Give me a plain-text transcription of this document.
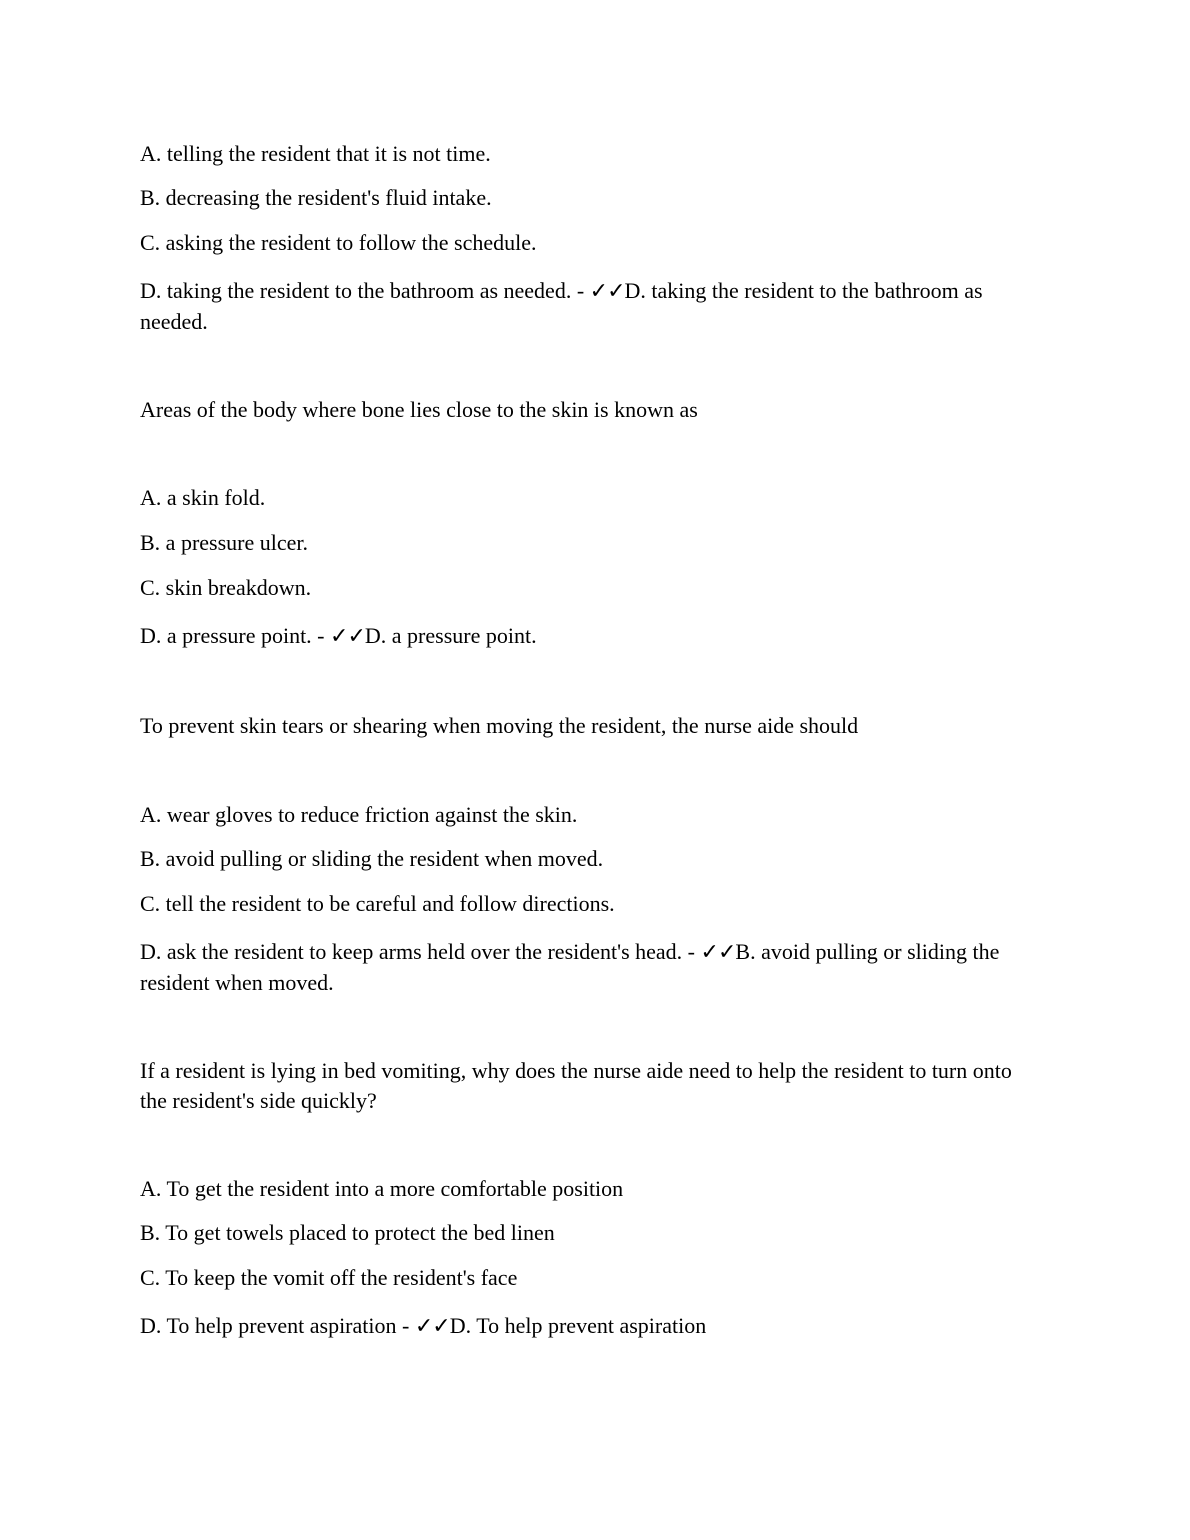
A. telling the resident that it is not time.
B. decreasing the resident's fluid intake.
C. asking the resident to follow the schedule.
D. taking the resident to the bathroom as needed. - ✓✓D. taking the resident to the bathroom as needed.
Areas of the body where bone lies close to the skin is known as
A. a skin fold.
B. a pressure ulcer.
C. skin breakdown.
D. a pressure point. - ✓✓D. a pressure point.
To prevent skin tears or shearing when moving the resident, the nurse aide should
A. wear gloves to reduce friction against the skin.
B. avoid pulling or sliding the resident when moved.
C. tell the resident to be careful and follow directions.
D. ask the resident to keep arms held over the resident's head. - ✓✓B. avoid pulling or sliding the resident when moved.
If a resident is lying in bed vomiting, why does the nurse aide need to help the resident to turn onto the resident's side quickly?
A. To get the resident into a more comfortable position
B. To get towels placed to protect the bed linen
C. To keep the vomit off the resident's face
D. To help prevent aspiration - ✓✓D. To help prevent aspiration
